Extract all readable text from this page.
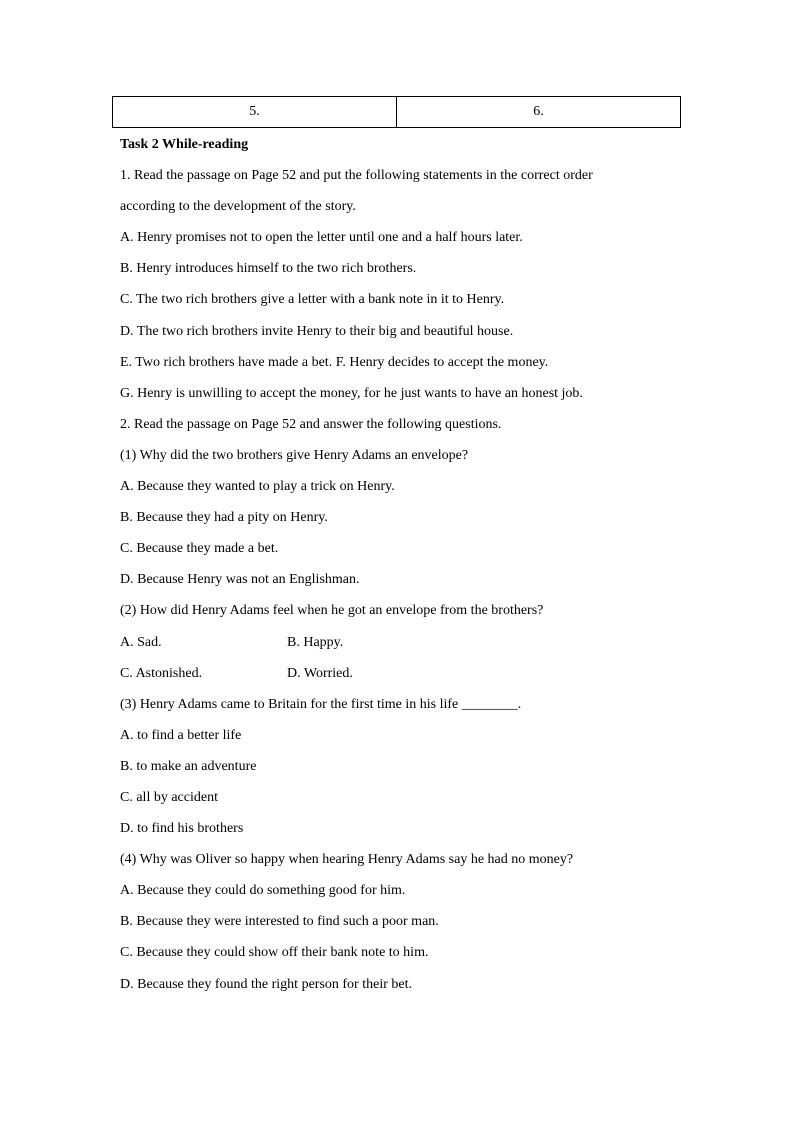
5.	6.
Task 2 While-reading
1. Read the passage on Page 52 and put the following statements in the correct order
according to the development of the story.
A. Henry promises not to open the letter until one and a half hours later.
B. Henry introduces himself to the two rich brothers.
C. The two rich brothers give a letter with a bank note in it to Henry.
D. The two rich brothers invite Henry to their big and beautiful house.
E. Two rich brothers have made a bet. F. Henry decides to accept the money.
G. Henry is unwilling to accept the money, for he just wants to have an honest job.
2. Read the passage on Page 52 and answer the following questions.
(1) Why did the two brothers give Henry Adams an envelope?
A. Because they wanted to play a trick on Henry.
B. Because they had a pity on Henry.
C. Because they made a bet.
D. Because Henry was not an Englishman.
(2) How did Henry Adams feel when he got an envelope from the brothers?
A. Sad.	B. Happy.
C. Astonished.	D. Worried.
(3) Henry Adams came to Britain for the first time in his life ________.
A. to find a better life
B. to make an adventure
C. all by accident
D. to find his brothers
(4) Why was Oliver so happy when hearing Henry Adams say he had no money?
A. Because they could do something good for him.
B. Because they were interested to find such a poor man.
C. Because they could show off their bank note to him.
D. Because they found the right person for their bet.
